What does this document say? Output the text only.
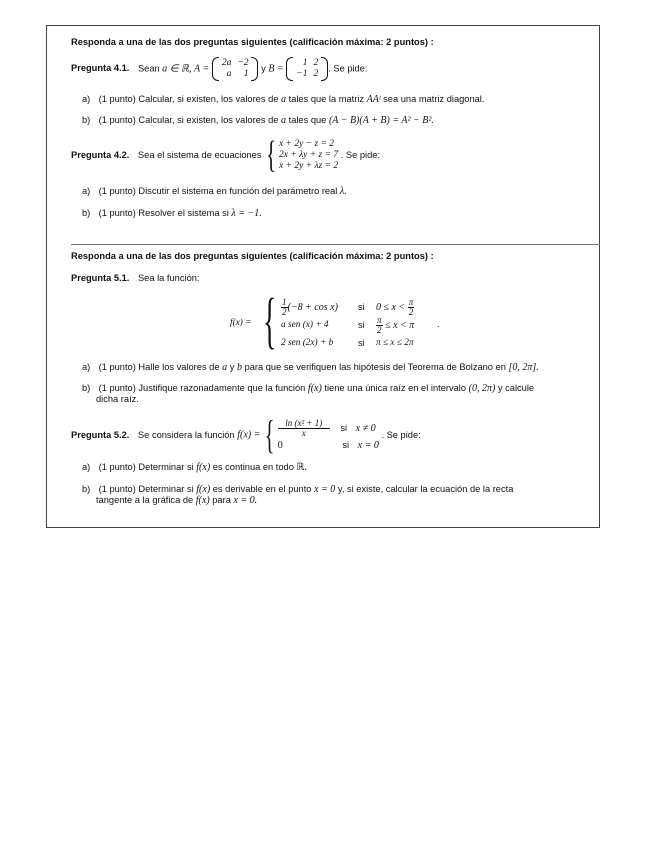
Responda a una de las dos preguntas siguientes (calificación máxima: 2 puntos) :
Pregunta 4.1. Sean a ∈ ℝ, A =
2a	−2
a	1
y B =
1	2
−1	2
. Se pide:
a) (1 punto) Calcular, si existen, los valores de a tales que la matriz AAᵗ sea una matriz diagonal.
b) (1 punto) Calcular, si existen, los valores de a tales que (A − B)(A + B) = A² − B².
Pregunta 4.2. Sea el sistema de ecuaciones { x + 2y − z = 2
2x + λy + z = 7
x + 2y + λz = 2
. Se pide:
a) (1 punto) Discutir el sistema en función del parámetro real λ.
b) (1 punto) Resolver el sistema si λ = −1.
Responda a una de las dos preguntas siguientes (calificación máxima: 2 puntos) :
Pregunta 5.1. Sea la función:
f(x) = { $\frac{1}{2} (-8 + \cos x)$ si $0 \le x < \frac{\pi}{2}$
a sen (x) + 4	si $\frac{\pi}{2} \le x < \pi$ .
2 sen (2x) + b	si π ≤ x ≤ 2π
a) (1 punto) Halle los valores de a y b para que se verifiquen las hipótesis del Teorema de Bolzano en [0, 2π].
b) (1 punto) Justifique razonadamente que la función f(x) tiene una única raíz en el intervalo (0, 2π) y calcule
dicha raíz.
Pregunta 5.2. Se considera la función f(x) = { $\frac{\text{ln (x² + 1)}}{x}$ si x ≠ 0
0	si x = 0
. Se pide:
a) (1 punto) Determinar si f(x) es continua en todo ℝ.
b) (1 punto) Determinar si f(x) es derivable en el punto x = 0 y, si existe, calcular la ecuación de la recta
tangente a la gráfica de f(x) para x = 0.
